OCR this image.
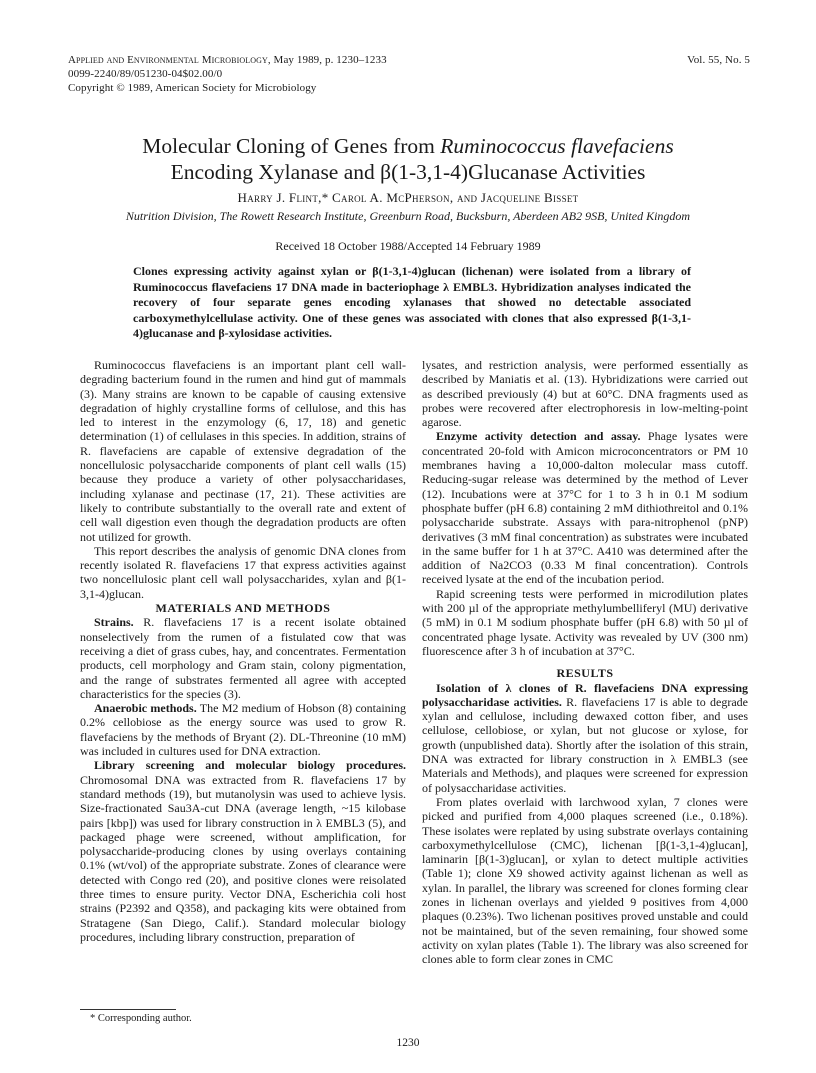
Applied and Environmental Microbiology, May 1989, p. 1230–1233
0099-2240/89/051230-04$02.00/0
Copyright © 1989, American Society for Microbiology
Vol. 55, No. 5
Molecular Cloning of Genes from Ruminococcus flavefaciens
Encoding Xylanase and β(1-3,1-4)Glucanase Activities
Harry J. Flint,* Carol A. McPherson, and Jacqueline Bisset
Nutrition Division, The Rowett Research Institute, Greenburn Road, Bucksburn, Aberdeen AB2 9SB, United Kingdom
Received 18 October 1988/Accepted 14 February 1989
Clones expressing activity against xylan or β(1-3,1-4)glucan (lichenan) were isolated from a library of Ruminococcus flavefaciens 17 DNA made in bacteriophage λ EMBL3. Hybridization analyses indicated the recovery of four separate genes encoding xylanases that showed no detectable associated carboxymethylcellulase activity. One of these genes was associated with clones that also expressed β(1-3,1-4)glucanase and β-xylosidase activities.

Ruminococcus flavefaciens is an important plant cell wall-degrading bacterium found in the rumen and hind gut of mammals (3). Many strains are known to be capable of causing extensive degradation of highly crystalline forms of cellulose, and this has led to interest in the enzymology (6, 17, 18) and genetic determination (1) of cellulases in this species. In addition, strains of R. flavefaciens are capable of extensive degradation of the noncellulosic polysaccharide components of plant cell walls (15) because they produce a variety of other polysaccharidases, including xylanase and pectinase (17, 21). These activities are likely to contribute substantially to the overall rate and extent of cell wall digestion even though the degradation products are often not utilized for growth.

This report describes the analysis of genomic DNA clones from recently isolated R. flavefaciens 17 that express activities against two noncellulosic plant cell wall polysaccharides, xylan and β(1-3,1-4)glucan.

MATERIALS AND METHODS

Strains. R. flavefaciens 17 is a recent isolate obtained nonselectively from the rumen of a fistulated cow that was receiving a diet of grass cubes, hay, and concentrates. Fermentation products, cell morphology and Gram stain, colony pigmentation, and the range of substrates fermented all agree with accepted characteristics for the species (3).

Anaerobic methods. The M2 medium of Hobson (8) containing 0.2% cellobiose as the energy source was used to grow R. flavefaciens by the methods of Bryant (2). DL-Threonine (10 mM) was included in cultures used for DNA extraction.

Library screening and molecular biology procedures. Chromosomal DNA was extracted from R. flavefaciens 17 by standard methods (19), but mutanolysin was used to achieve lysis. Size-fractionated Sau3A-cut DNA (average length, ~15 kilobase pairs [kbp]) was used for library construction in λ EMBL3 (5), and packaged phage were screened, without amplification, for polysaccharide-producing clones by using overlays containing 0.1% (wt/vol) of the appropriate substrate. Zones of clearance were detected with Congo red (20), and positive clones were reisolated three times to ensure purity. Vector DNA, Escherichia coli host strains (P2392 and Q358), and packaging kits were obtained from Stratagene (San Diego, Calif.). Standard molecular biology procedures, including library construction, preparation of

lysates, and restriction analysis, were performed essentially as described by Maniatis et al. (13). Hybridizations were carried out as described previously (4) but at 60°C. DNA fragments used as probes were recovered after electrophoresis in low-melting-point agarose.

Enzyme activity detection and assay. Phage lysates were concentrated 20-fold with Amicon microconcentrators or PM 10 membranes having a 10,000-dalton molecular mass cutoff. Reducing-sugar release was determined by the method of Lever (12). Incubations were at 37°C for 1 to 3 h in 0.1 M sodium phosphate buffer (pH 6.8) containing 2 mM dithiothreitol and 0.1% polysaccharide substrate. Assays with para-nitrophenol (pNP) derivatives (3 mM final concentration) as substrates were incubated in the same buffer for 1 h at 37°C. A410 was determined after the addition of Na2CO3 (0.33 M final concentration). Controls received lysate at the end of the incubation period.

Rapid screening tests were performed in microdilution plates with 200 µl of the appropriate methylumbelliferyl (MU) derivative (5 mM) in 0.1 M sodium phosphate buffer (pH 6.8) with 50 µl of concentrated phage lysate. Activity was revealed by UV (300 nm) fluorescence after 3 h of incubation at 37°C.

RESULTS

Isolation of λ clones of R. flavefaciens DNA expressing polysaccharidase activities. R. flavefaciens 17 is able to degrade xylan and cellulose, including dewaxed cotton fiber, and uses cellulose, cellobiose, or xylan, but not glucose or xylose, for growth (unpublished data). Shortly after the isolation of this strain, DNA was extracted for library construction in λ EMBL3 (see Materials and Methods), and plaques were screened for expression of polysaccharidase activities.

From plates overlaid with larchwood xylan, 7 clones were picked and purified from 4,000 plaques screened (i.e., 0.18%). These isolates were replated by using substrate overlays containing carboxymethylcellulose (CMC), lichenan [β(1-3,1-4)glucan], laminarin [β(1-3)glucan], or xylan to detect multiple activities (Table 1); clone X9 showed activity against lichenan as well as xylan. In parallel, the library was screened for clones forming clear zones in lichenan overlays and yielded 9 positives from 4,000 plaques (0.23%). Two lichenan positives proved unstable and could not be maintained, but of the seven remaining, four showed some activity on xylan plates (Table 1). The library was also screened for clones able to form clear zones in CMC

* Corresponding author.
1230
